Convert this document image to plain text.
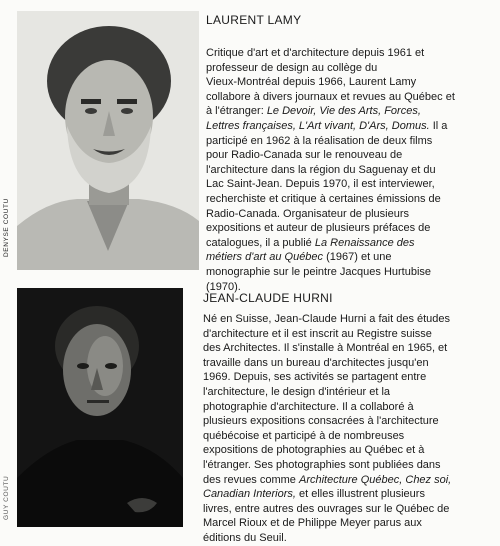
DENYSE COUTU
LAURENT LAMY
Critique d'art et d'architecture depuis 1961 et
professeur de design au collège du
Vieux-Montréal depuis 1966, Laurent Lamy
collabore à divers journaux et revues au Québec et
à l'étranger: Le Devoir, Vie des Arts, Forces,
Lettres françaises, L'Art vivant, D'Ars, Domus. Il a
participé en 1962 à la réalisation de deux films
pour Radio-Canada sur le renouveau de
l'architecture dans la région du Saguenay et du
Lac Saint-Jean. Depuis 1970, il est interviewer,
recherchiste et critique à certaines émissions de
Radio-Canada. Organisateur de plusieurs
expositions et auteur de plusieurs préfaces de
catalogues, il a publié La Renaissance des
métiers d'art au Québec (1967) et une
monographie sur le peintre Jacques Hurtubise
(1970).
GUY COUTU
JEAN-CLAUDE HURNI
Né en Suisse, Jean-Claude Hurni a fait des études
d'architecture et il est inscrit au Registre suisse
des Architectes. Il s'installe à Montréal en 1965, et
travaille dans un bureau d'architectes jusqu'en
1969. Depuis, ses activités se partagent entre
l'architecture, le design d'intérieur et la
photographie d'architecture. Il a collaboré à
plusieurs expositions consacrées à l'architecture
québécoise et participé à de nombreuses
expositions de photographies au Québec et à
l'étranger. Ses photographies sont publiées dans
des revues comme Architecture Québec, Chez soi,
Canadian Interiors, et elles illustrent plusieurs
livres, entre autres des ouvrages sur le Québec de
Marcel Rioux et de Philippe Meyer parus aux
éditions du Seuil.
